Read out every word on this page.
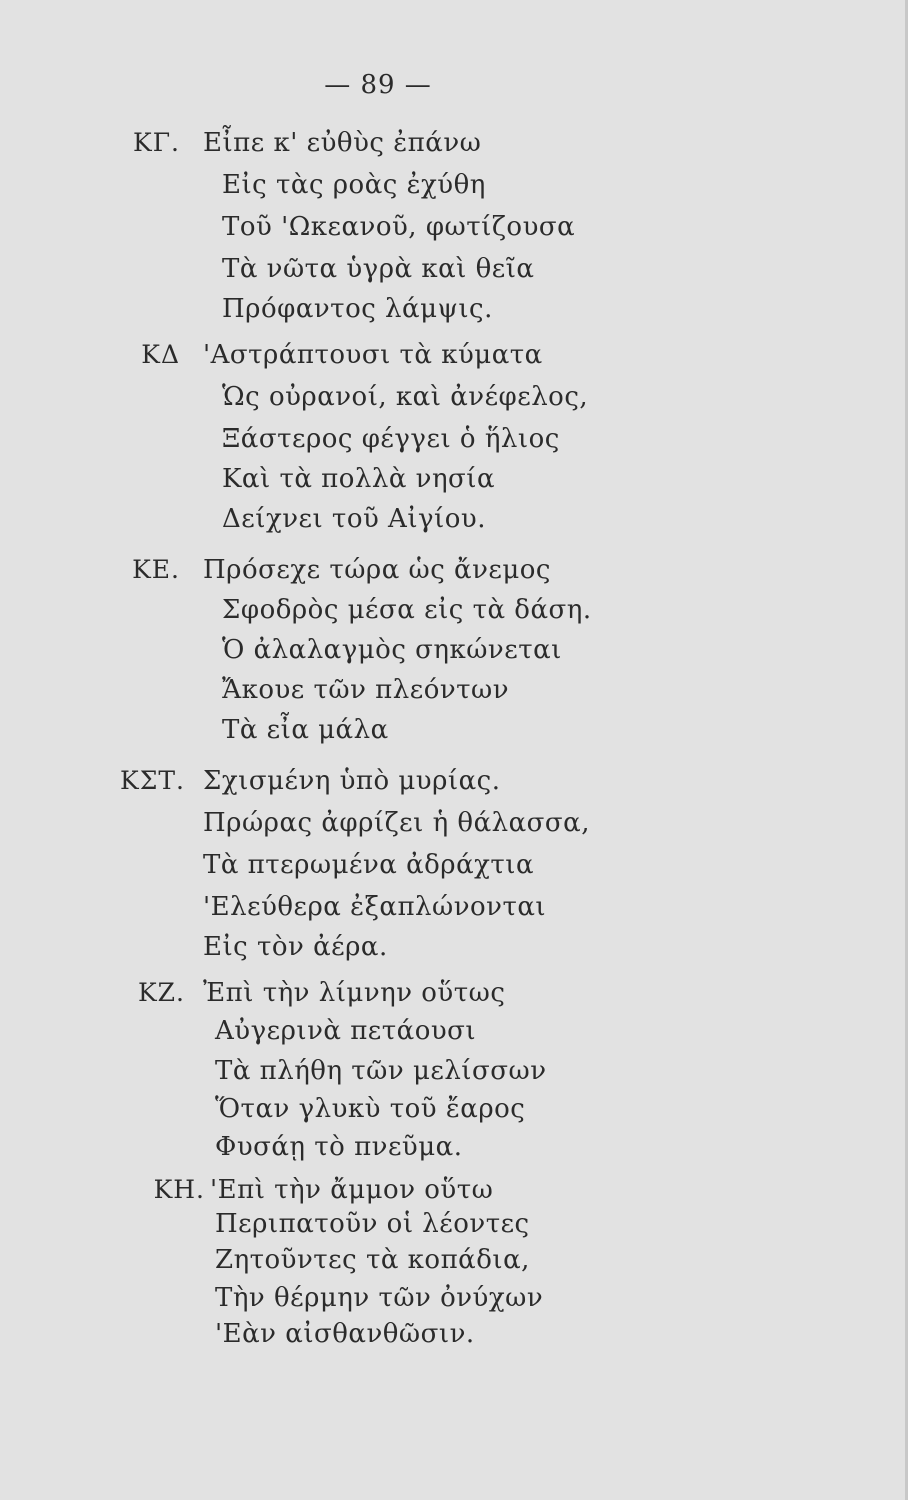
— 89 —
ΚΓ. Εἶπε κ' εὐθὺς ἐπάνω
Εἰς τὰς ροὰς ἐχύθη
Τοῦ 'Ωκεανοῦ, φωτίζουσα
Τὰ νῶτα ὑγρὰ καὶ θεῖα
Πρόφαντος λάμψις.
ΚΔ 'Αστράπτουσι τὰ κύματα
Ὡς οὐρανοί, καὶ ἀνέφελος,
Ξάστερος φέγγει ὁ ἥλιος
Καὶ τὰ πολλὰ νησία
Δείχνει τοῦ Αἰγίου.
ΚΕ. Πρόσεχε τώρα ὡς ἄνεμος
Σφοδρὸς μέσα εἰς τὰ δάση.
Ὁ ἀλαλαγμὸς σηκώνεται
Ἄκουε τῶν πλεόντων
Τὰ εἶα μάλα
ΚΣΤ. Σχισμένη ὑπὸ μυρίας.
Πρώρας ἀφρίζει ἡ θάλασσα,
Τὰ πτερωμένα ἀδράχτια
'Ελεύθερα ἐξαπλώνονται
Εἰς τὸν ἀέρα.
ΚΖ. Ἐπὶ τὴν λίμνην οὕτως
Αὐγερινὰ πετάουσι
Τὰ πλήθη τῶν μελίσσων
Ὅταν γλυκὺ τοῦ ἔαρος
Φυσάῃ τὸ πνεῦμα.
ΚΗ. 'Επὶ τὴν ἄμμον οὕτω
Περιπατοῦν οἱ λέοντες
Ζητοῦντες τὰ κοπάδια,
Τὴν θέρμην τῶν ὀνύχων
'Εὰν αἰσθανθῶσιν.
